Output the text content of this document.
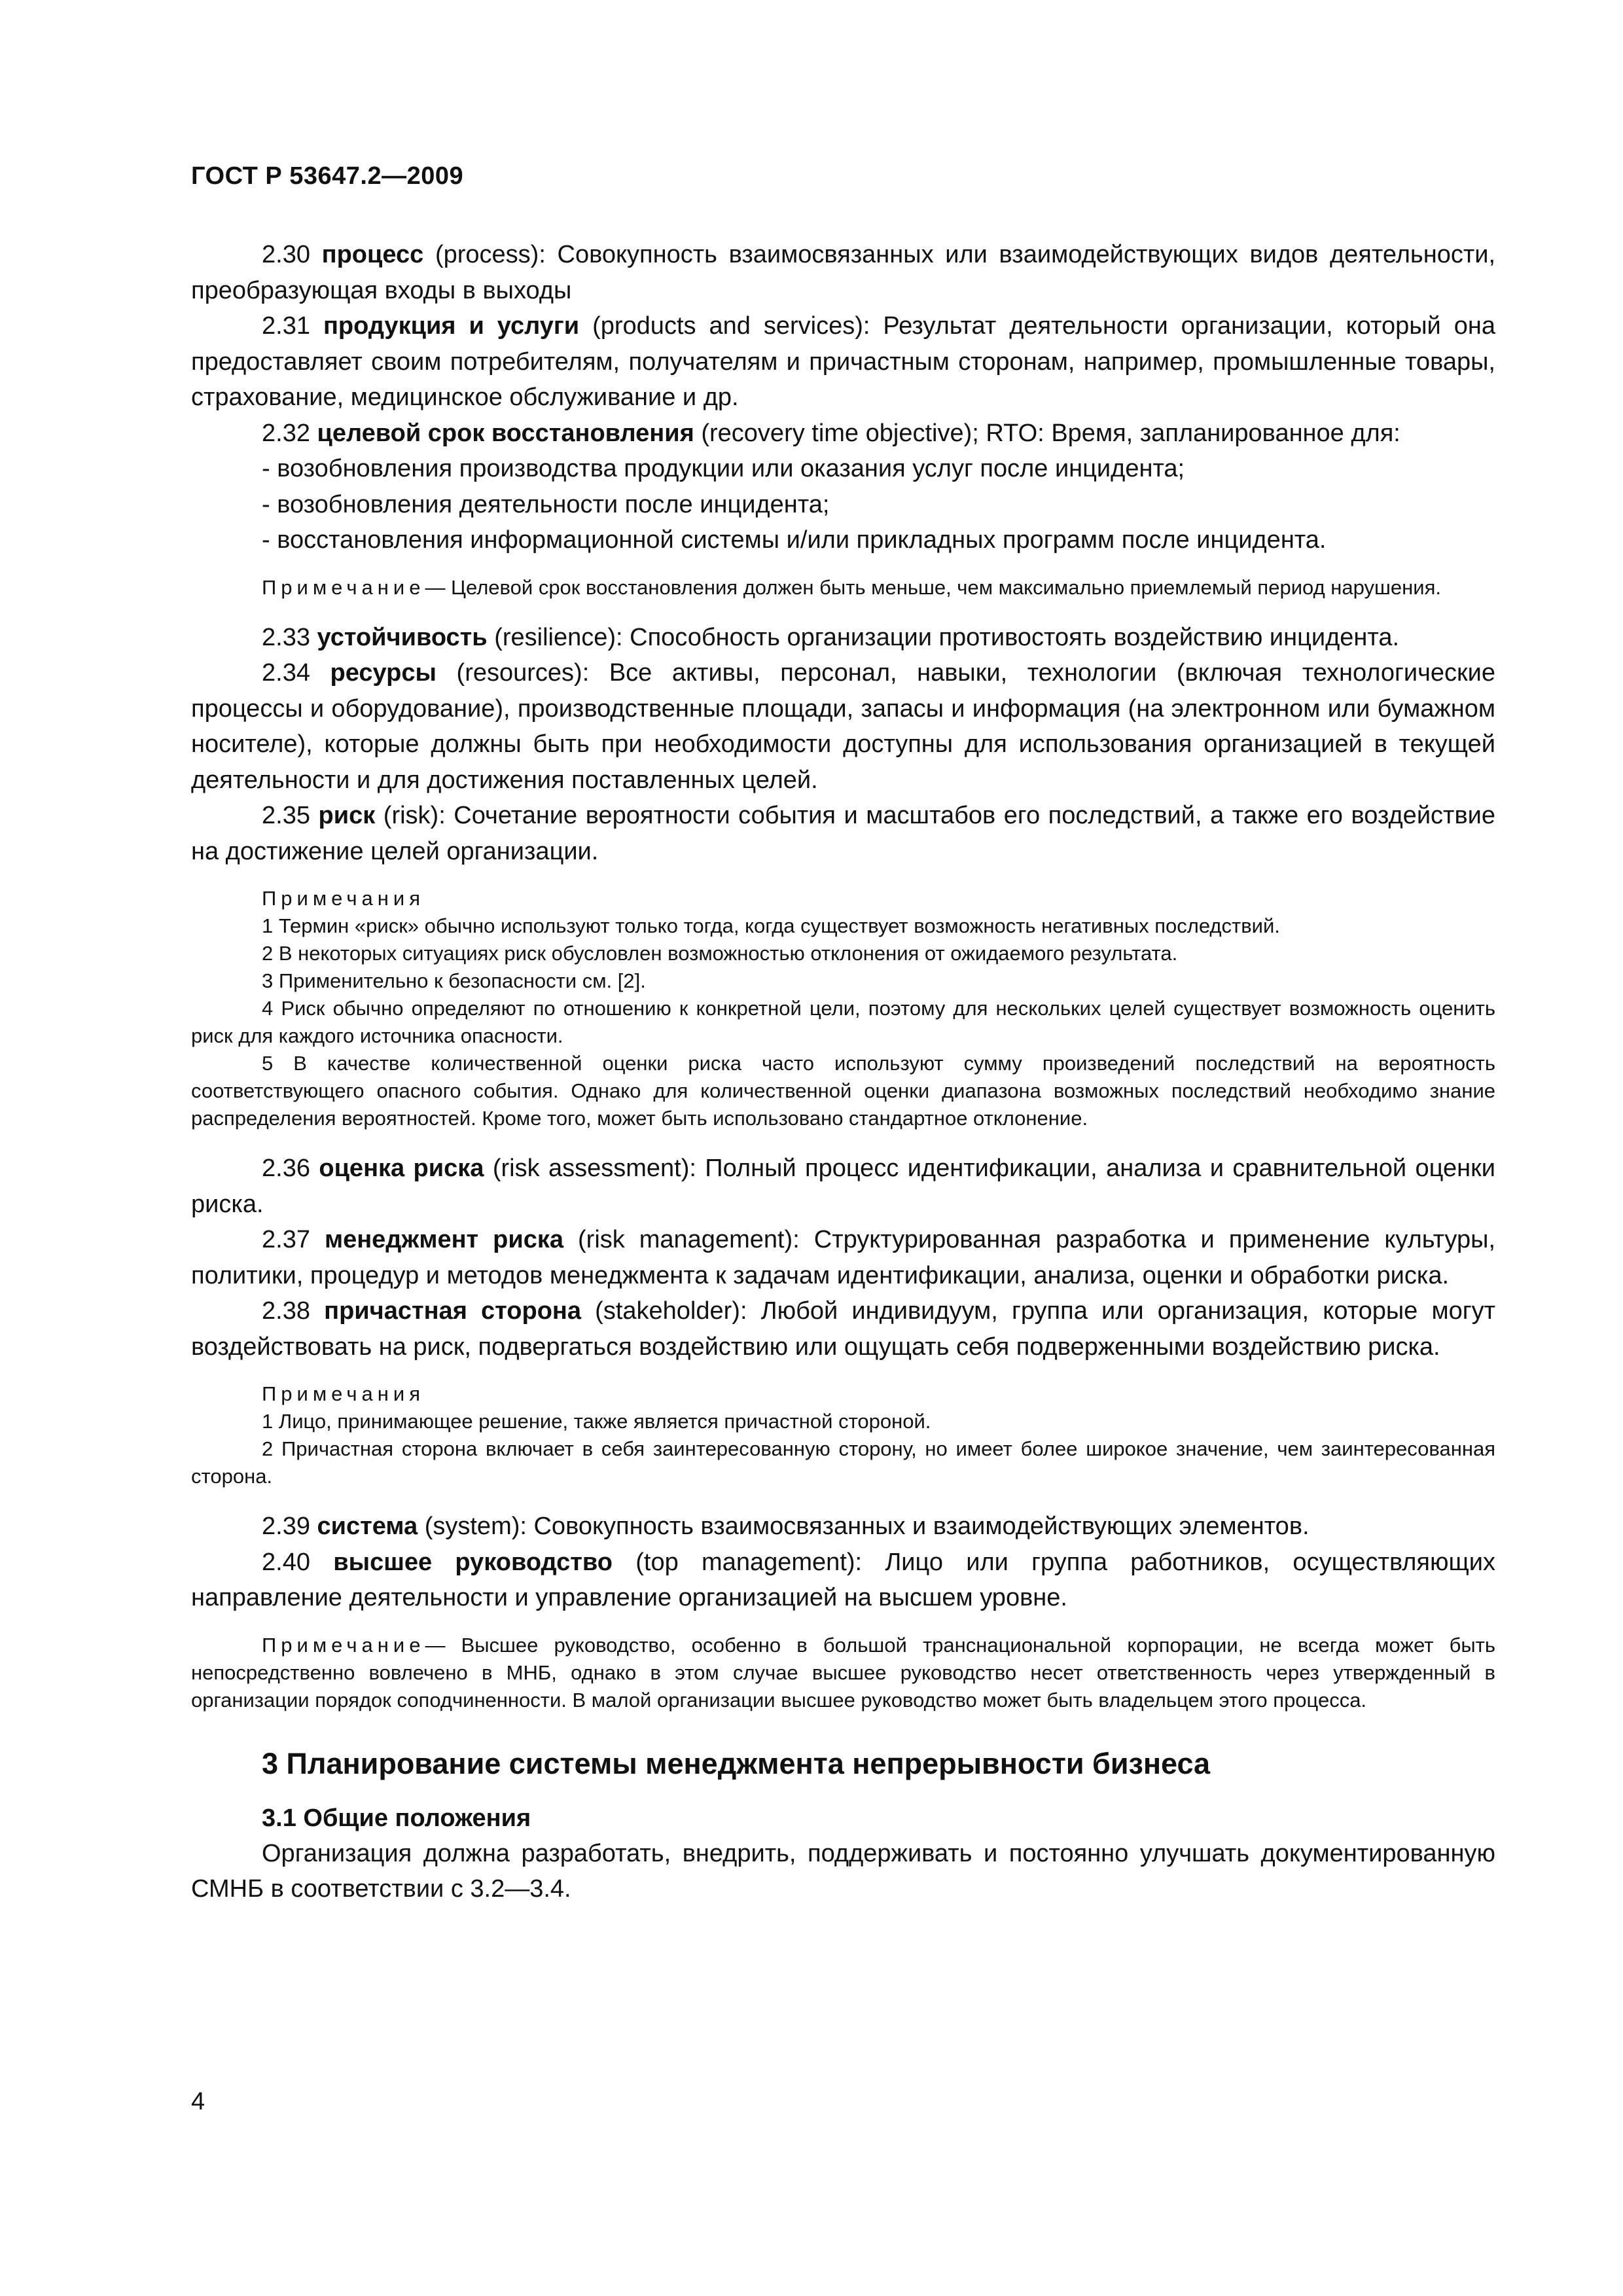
ГОСТ Р 53647.2—2009

2.30 процесс (process): Совокупность взаимосвязанных или взаимодействующих видов деятельности, преобразующая входы в выходы

2.31 продукция и услуги (products and services): Результат деятельности организации, который она предоставляет своим потребителям, получателям и причастным сторонам, например, промышленные товары, страхование, медицинское обслуживание и др.

2.32 целевой срок восстановления (recovery time objective); RTO: Время, запланированное для:

- возобновления производства продукции или оказания услуг после инцидента;

- возобновления деятельности после инцидента;

- восстановления информационной системы и/или прикладных программ после инцидента.

Примечание— Целевой срок восстановления должен быть меньше, чем максимально приемлемый период нарушения.

2.33 устойчивость (resilience): Способность организации противостоять воздействию инцидента.

2.34 ресурсы (resources): Все активы, персонал, навыки, технологии (включая технологические процессы и оборудование), производственные площади, запасы и информация (на электронном или бумажном носителе), которые должны быть при необходимости доступны для использования организацией в текущей деятельности и для достижения поставленных целей.

2.35 риск (risk): Сочетание вероятности события и масштабов его последствий, а также его воздействие на достижение целей организации.

Примечания

1 Термин «риск» обычно используют только тогда, когда существует возможность негативных последствий.

2 В некоторых ситуациях риск обусловлен возможностью отклонения от ожидаемого результата.

3 Применительно к безопасности см. [2].

4 Риск обычно определяют по отношению к конкретной цели, поэтому для нескольких целей существует возможность оценить риск для каждого источника опасности.

5 В качестве количественной оценки риска часто используют сумму произведений последствий на вероятность соответствующего опасного события. Однако для количественной оценки диапазона возможных последствий необходимо знание распределения вероятностей. Кроме того, может быть использовано стандартное отклонение.

2.36 оценка риска (risk assessment): Полный процесс идентификации, анализа и сравнительной оценки риска.

2.37 менеджмент риска (risk management): Структурированная разработка и применение культуры, политики, процедур и методов менеджмента к задачам идентификации, анализа, оценки и обработки риска.

2.38 причастная сторона (stakeholder): Любой индивидуум, группа или организация, которые могут воздействовать на риск, подвергаться воздействию или ощущать себя подверженными воздействию риска.

Примечания

1 Лицо, принимающее решение, также является причастной стороной.

2 Причастная сторона включает в себя заинтересованную сторону, но имеет более широкое значение, чем заинтересованная сторона.

2.39 система (system): Совокупность взаимосвязанных и взаимодействующих элементов.

2.40 высшее руководство (top management): Лицо или группа работников, осуществляющих направление деятельности и управление организацией на высшем уровне.

Примечание— Высшее руководство, особенно в большой транснациональной корпорации, не всегда может быть непосредственно вовлечено в МНБ, однако в этом случае высшее руководство несет ответственность через утвержденный в организации порядок соподчиненности. В малой организации высшее руководство может быть владельцем этого процесса.

3 Планирование системы менеджмента непрерывности бизнеса

3.1 Общие положения

Организация должна разработать, внедрить, поддерживать и постоянно улучшать документированную СМНБ в соответствии с 3.2—3.4.

4
